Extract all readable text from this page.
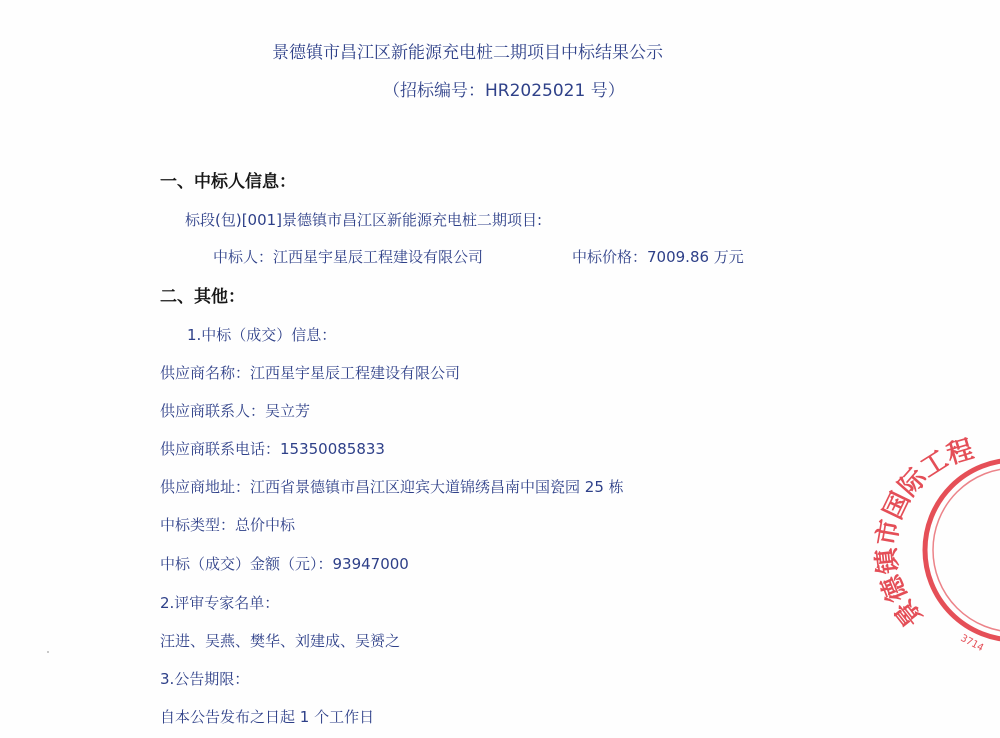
景德镇市昌江区新能源充电桩二期项目中标结果公示
（招标编号：HR2025021 号）
一、中标人信息：
标段(包)[001]景德镇市昌江区新能源充电桩二期项目:
中标人：江西星宇星辰工程建设有限公司	中标价格：7009.86 万元
二、其他：
1.中标（成交）信息：
供应商名称：江西星宇星辰工程建设有限公司
供应商联系人：吴立芳
供应商联系电话：15350085833
供应商地址：江西省景德镇市昌江区迎宾大道锦绣昌南中国瓷园 25 栋
中标类型：总价中标
中标（成交）金额（元）：93947000
2.评审专家名单：
汪进、吴燕、樊华、刘建成、吴赟之
3.公告期限：
自本公告发布之日起 1 个工作日
景德镇市国际工程
3714
